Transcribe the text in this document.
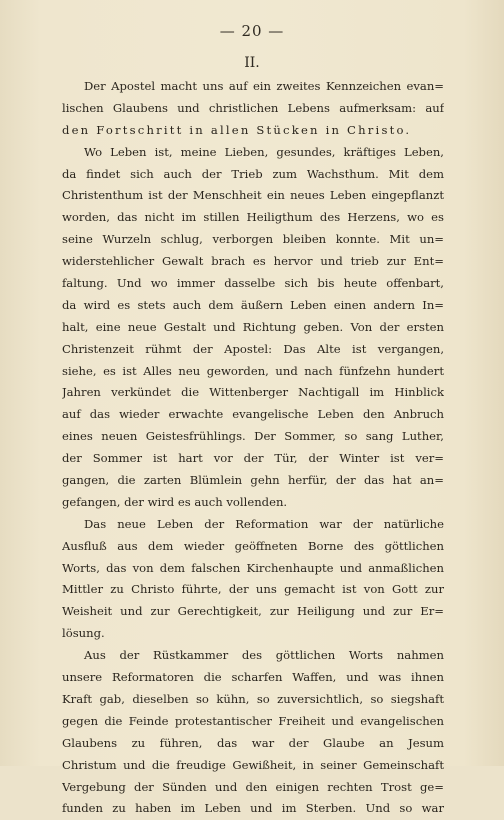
— 20 —
II.
Der Apostel macht uns auf ein zweites Kennzeichen evan=
lischen Glaubens und christlichen Lebens aufmerksam: auf
den Fortschritt in allen Stücken in Christo.
Wo Leben ist, meine Lieben, gesundes, kräftiges Leben,
da findet sich auch der Trieb zum Wachsthum. Mit dem
Christenthum ist der Menschheit ein neues Leben eingepflanzt
worden, das nicht im stillen Heiligthum des Herzens, wo es
seine Wurzeln schlug, verborgen bleiben konnte. Mit un=
widerstehlicher Gewalt brach es hervor und trieb zur Ent=
faltung. Und wo immer dasselbe sich bis heute offenbart,
da wird es stets auch dem äußern Leben einen andern In=
halt, eine neue Gestalt und Richtung geben. Von der ersten
Christenzeit rühmt der Apostel: Das Alte ist vergangen,
siehe, es ist Alles neu geworden, und nach fünfzehn hundert
Jahren verkündet die Wittenberger Nachtigall im Hinblick
auf das wieder erwachte evangelische Leben den Anbruch
eines neuen Geistesfrühlings. Der Sommer, so sang Luther,
der Sommer ist hart vor der Tür, der Winter ist ver=
gangen, die zarten Blümlein gehn herfür, der das hat an=
gefangen, der wird es auch vollenden.
Das neue Leben der Reformation war der natürliche
Ausfluß aus dem wieder geöffneten Borne des göttlichen
Worts, das von dem falschen Kirchenhaupte und anmaßlichen
Mittler zu Christo führte, der uns gemacht ist von Gott zur
Weisheit und zur Gerechtigkeit, zur Heiligung und zur Er=
lösung.
Aus der Rüstkammer des göttlichen Worts nahmen
unsere Reformatoren die scharfen Waffen, und was ihnen
Kraft gab, dieselben so kühn, so zuversichtlich, so siegshaft
gegen die Feinde protestantischer Freiheit und evangelischen
Glaubens zu führen, das war der Glaube an Jesum
Christum und die freudige Gewißheit, in seiner Gemeinschaft
Vergebung der Sünden und den einigen rechten Trost ge=
funden zu haben im Leben und im Sterben. Und so war
